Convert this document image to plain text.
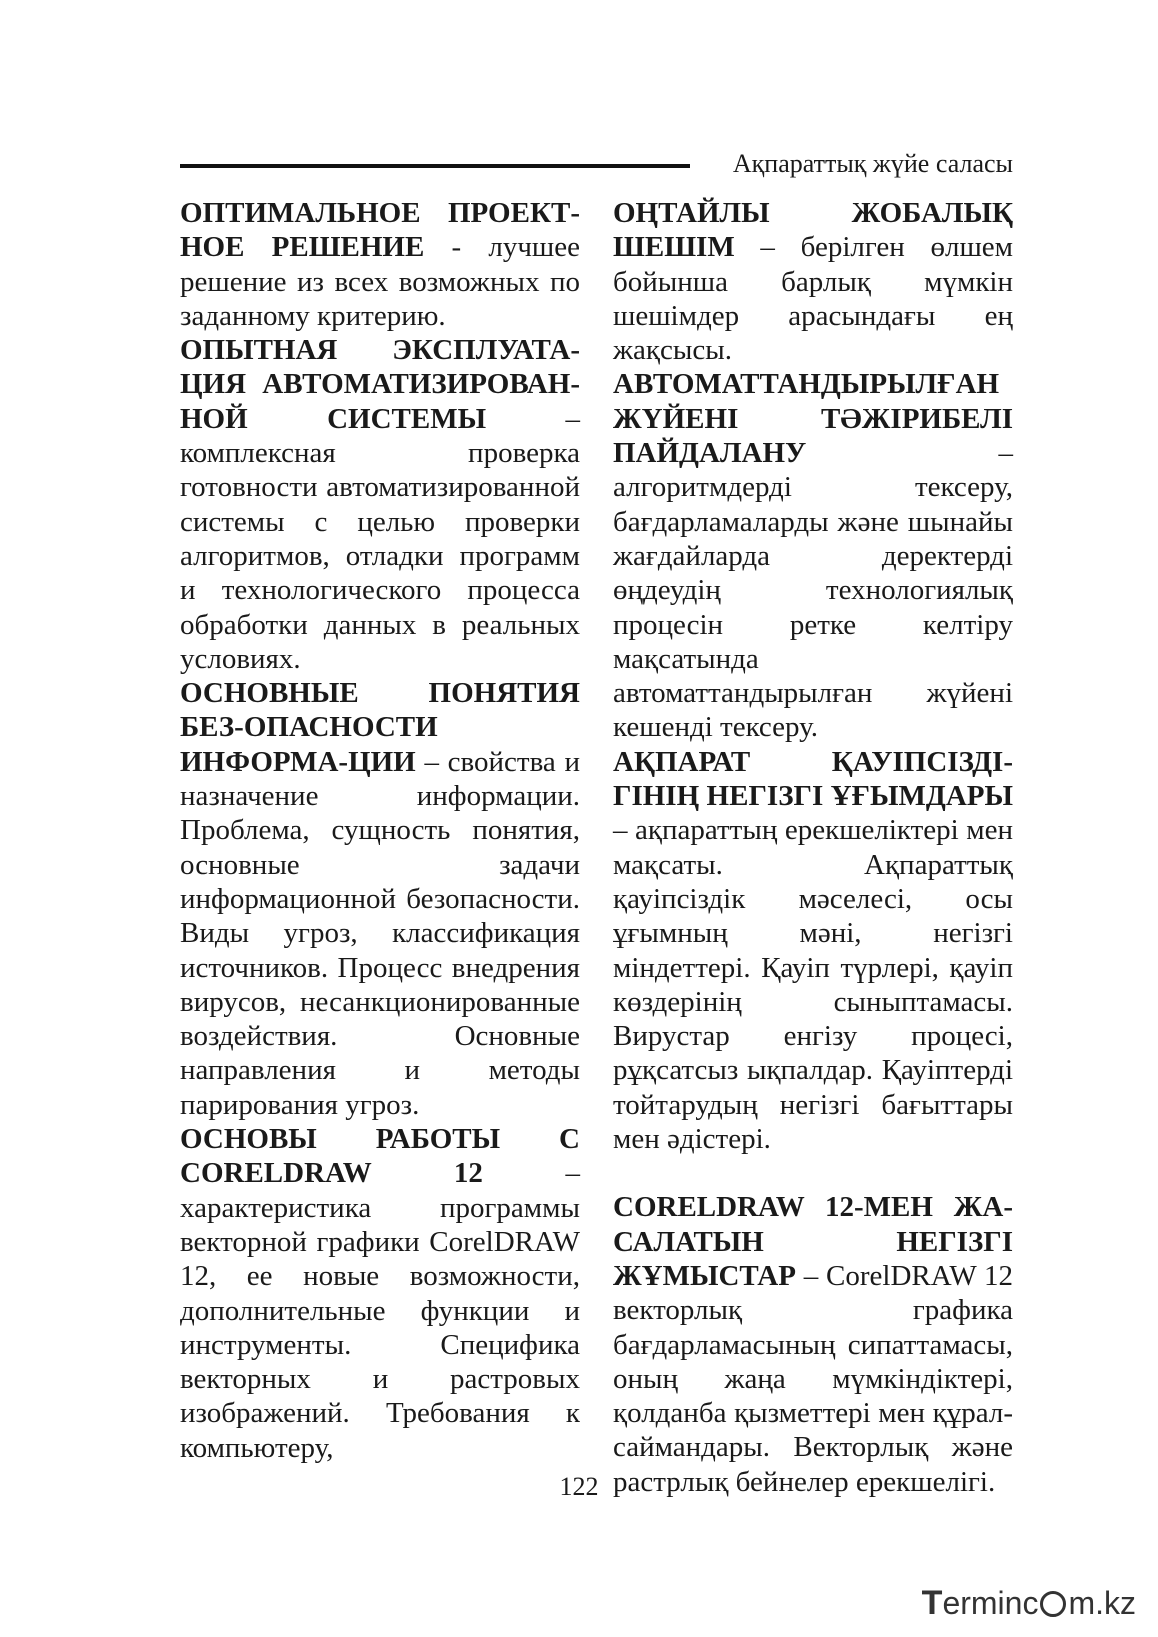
Ақпараттық жүйе саласы

ОПТИМАЛЬНОЕ ПРОЕКТ-НОЕ РЕШЕНИЕ - лучшее решение из всех возможных по заданному критерию.

ОПЫТНАЯ ЭКСПЛУАТА-ЦИЯ АВТОМАТИЗИРОВАН-НОЙ СИСТЕМЫ – комплексная проверка готовности автоматизированной системы с целью проверки алгоритмов, отладки программ и технологического процесса обработки данных в реальных условиях.

ОСНОВНЫЕ ПОНЯТИЯ БЕЗ-ОПАСНОСТИ ИНФОРМА-ЦИИ – свойства и назначение информации. Проблема, сущность понятия, основные задачи информационной безопасности. Виды угроз, классификация источников. Процесс внедрения вирусов, несанкционированные воздействия. Основные направления и методы парирования угроз.

ОСНОВЫ РАБОТЫ С CORELDRAW 12 – характеристика программы векторной графики CorelDRAW 12, ее новые возможности, дополнительные функции и инструменты. Специфика векторных и растровых изображений. Требования к компьютеру,

ОҢТАЙЛЫ ЖОБАЛЫҚ ШЕШІМ – берілген өлшем бойынша барлық мүмкін шешімдер арасындағы ең жақсысы.

АВТОМАТТАНДЫРЫЛҒАН ЖҮЙЕНІ ТӘЖІРИБЕЛІ ПАЙДАЛАНУ – алгоритмдерді тексеру, бағдарламаларды және шынайы жағдайларда деректерді өңдеудің технологиялық процесін ретке келтіру мақсатында автоматтандырылған жүйені кешенді тексеру.

АҚПАРАТ ҚАУІПСІЗДІ-ГІНІҢ НЕГІЗГІ ҰҒЫМДАРЫ – ақпараттың ерекшеліктері мен мақсаты. Ақпараттық қауіпсіздік мәселесі, осы ұғымның мәні, негізгі міндеттері. Қауіп түрлері, қауіп көздерінің сыныптамасы. Вирустар енгізу процесі, рұқсатсыз ықпалдар. Қауіптерді тойтарудың негізгі бағыттары мен әдістері.

CORELDRAW 12-МЕН ЖА-САЛАТЫН НЕГІЗГІ ЖҰМЫСТАР – CorelDRAW 12 векторлық графика бағдарламасының сипаттамасы, оның жаңа мүмкіндіктері, қолданба қызметтері мен құрал-саймандары. Векторлық және растрлық бейнелер ерекшелігі.

122
Terminc m.kz
